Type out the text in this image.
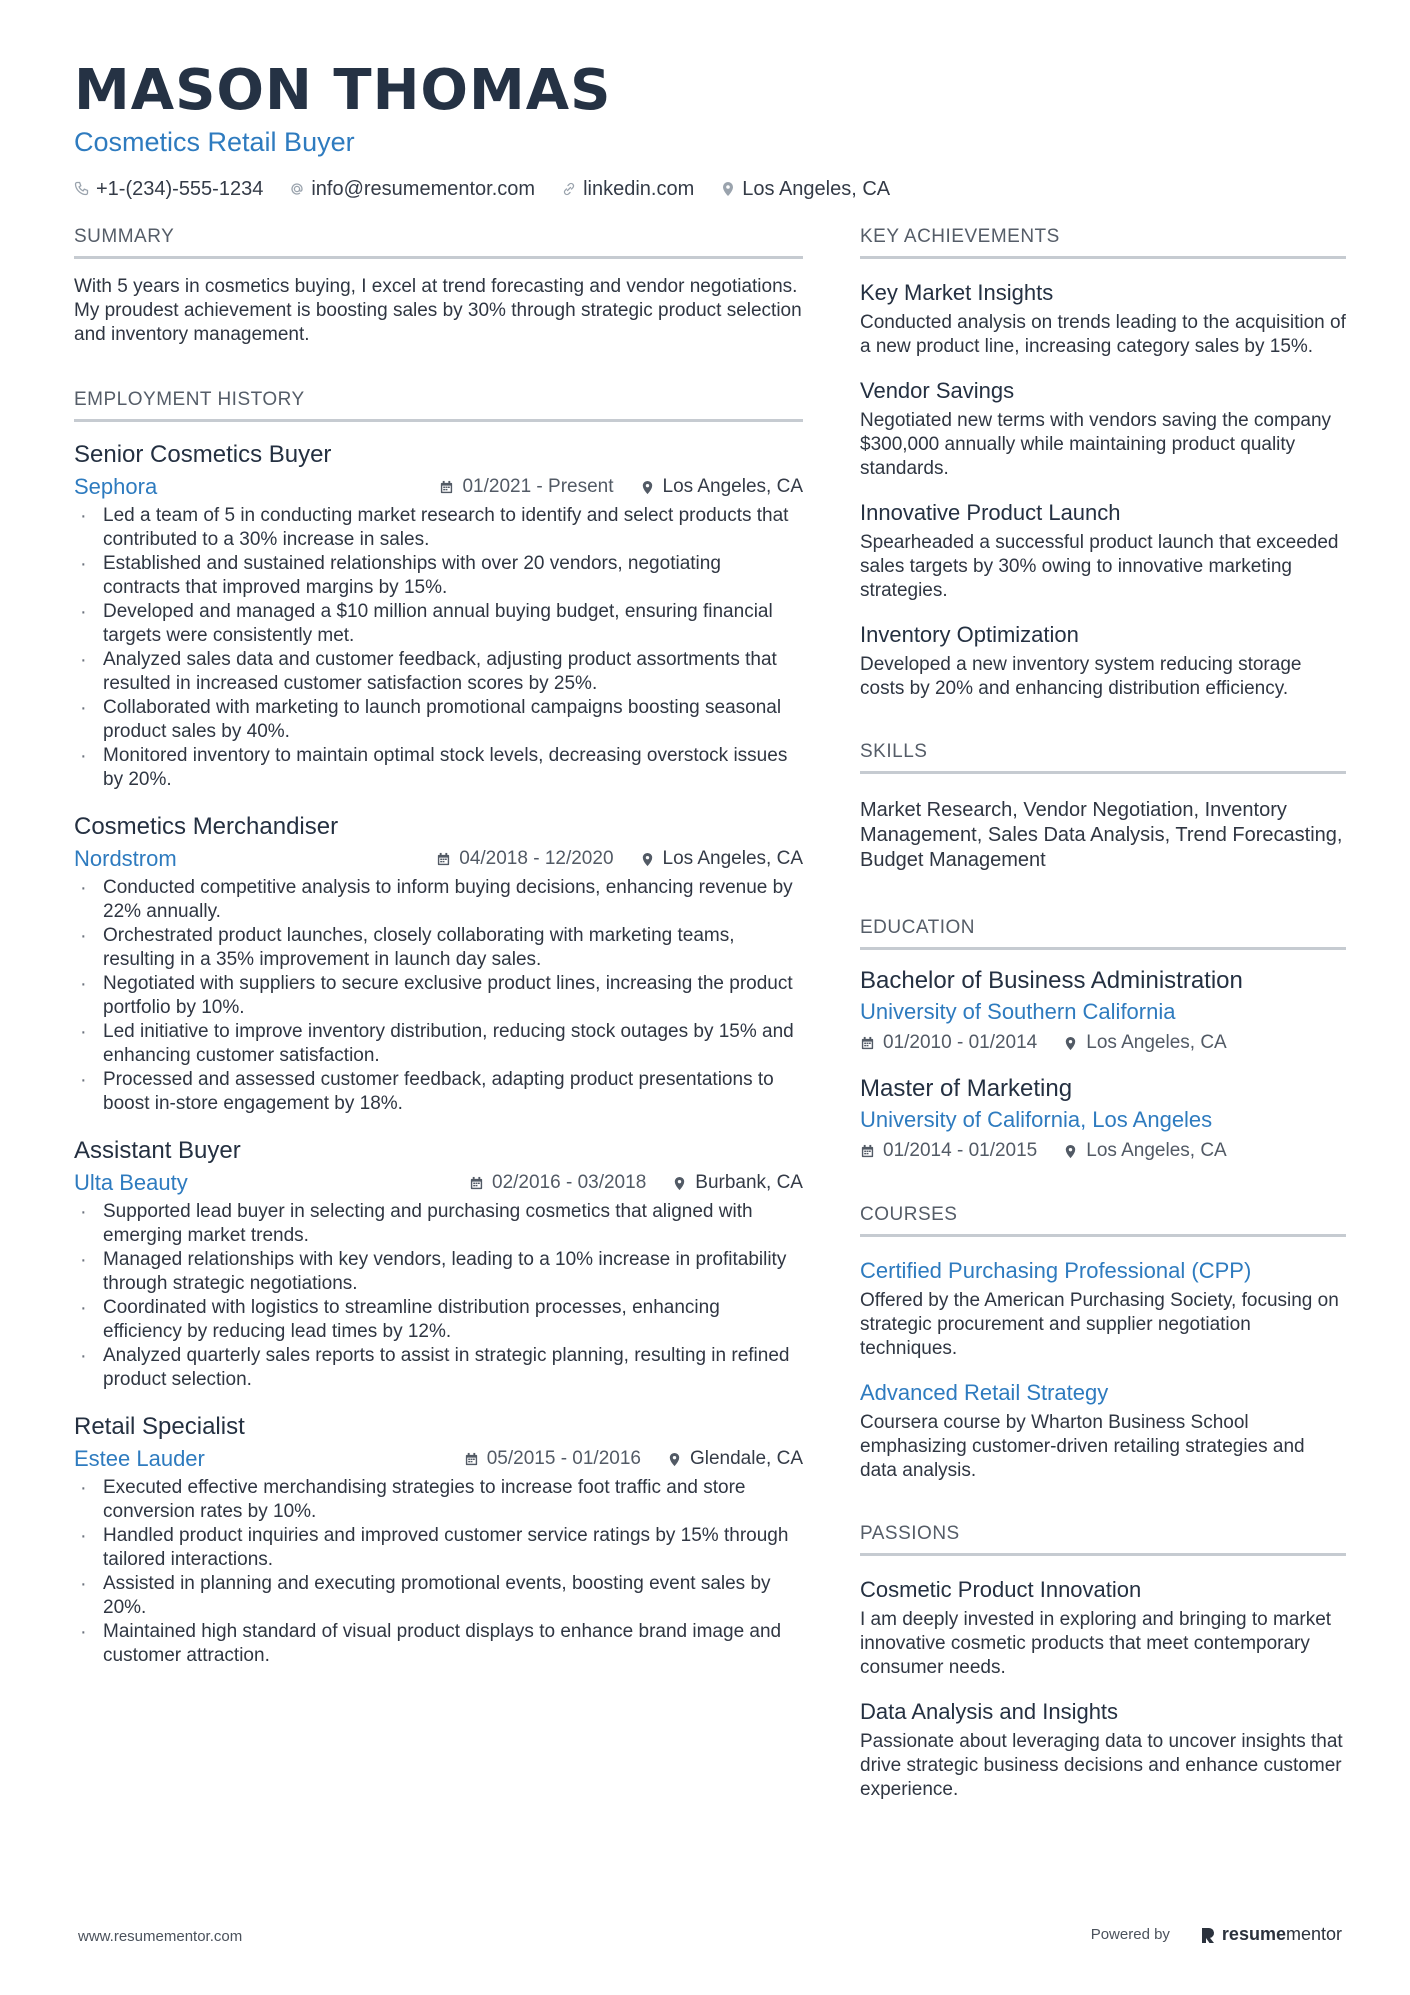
MASON THOMAS
Cosmetics Retail Buyer
+1-(234)-555-1234 info@resumementor.com linkedin.com Los Angeles, CA
SUMMARY

With 5 years in cosmetics buying, I excel at trend forecasting and vendor negotiations. My proudest achievement is boosting sales by 30% through strategic product selection and inventory management.

EMPLOYMENT HISTORY
Senior Cosmetics Buyer
Sephora	01/2021 - Present	Los Angeles, CA
· Led a team of 5 in conducting market research to identify and select products that contributed to a 30% increase in sales.
· Established and sustained relationships with over 20 vendors, negotiating contracts that improved margins by 15%.
· Developed and managed a $10 million annual buying budget, ensuring financial targets were consistently met.
· Analyzed sales data and customer feedback, adjusting product assortments that resulted in increased customer satisfaction scores by 25%.
· Collaborated with marketing to launch promotional campaigns boosting seasonal product sales by 40%.
· Monitored inventory to maintain optimal stock levels, decreasing overstock issues by 20%.
Cosmetics Merchandiser
Nordstrom	04/2018 - 12/2020	Los Angeles, CA
· Conducted competitive analysis to inform buying decisions, enhancing revenue by 22% annually.
· Orchestrated product launches, closely collaborating with marketing teams, resulting in a 35% improvement in launch day sales.
· Negotiated with suppliers to secure exclusive product lines, increasing the product portfolio by 10%.
· Led initiative to improve inventory distribution, reducing stock outages by 15% and enhancing customer satisfaction.
· Processed and assessed customer feedback, adapting product presentations to boost in-store engagement by 18%.
Assistant Buyer
Ulta Beauty	02/2016 - 03/2018	Burbank, CA
· Supported lead buyer in selecting and purchasing cosmetics that aligned with emerging market trends.
· Managed relationships with key vendors, leading to a 10% increase in profitability through strategic negotiations.
· Coordinated with logistics to streamline distribution processes, enhancing efficiency by reducing lead times by 12%.
· Analyzed quarterly sales reports to assist in strategic planning, resulting in refined product selection.
Retail Specialist
Estee Lauder	05/2015 - 01/2016	Glendale, CA
· Executed effective merchandising strategies to increase foot traffic and store conversion rates by 10%.
· Handled product inquiries and improved customer service ratings by 15% through tailored interactions.
· Assisted in planning and executing promotional events, boosting event sales by 20%.
· Maintained high standard of visual product displays to enhance brand image and customer attraction.
KEY ACHIEVEMENTS
Key Market Insights
Conducted analysis on trends leading to the acquisition of a new product line, increasing category sales by 15%.
Vendor Savings
Negotiated new terms with vendors saving the company $300,000 annually while maintaining product quality standards.
Innovative Product Launch
Spearheaded a successful product launch that exceeded sales targets by 30% owing to innovative marketing strategies.
Inventory Optimization
Developed a new inventory system reducing storage costs by 20% and enhancing distribution efficiency.
SKILLS

Market Research, Vendor Negotiation, Inventory Management, Sales Data Analysis, Trend Forecasting, Budget Management

EDUCATION
Bachelor of Business Administration
University of Southern California
01/2010 - 01/2014	Los Angeles, CA
Master of Marketing
University of California, Los Angeles
01/2014 - 01/2015	Los Angeles, CA
COURSES
Certified Purchasing Professional (CPP)
Offered by the American Purchasing Society, focusing on strategic procurement and supplier negotiation techniques.
Advanced Retail Strategy
Coursera course by Wharton Business School emphasizing customer-driven retailing strategies and data analysis.
PASSIONS
Cosmetic Product Innovation
I am deeply invested in exploring and bringing to market innovative cosmetic products that meet contemporary consumer needs.
Data Analysis and Insights
Passionate about leveraging data to uncover insights that drive strategic business decisions and enhance customer experience.
www.resumementor.com	Powered by	resumementor
